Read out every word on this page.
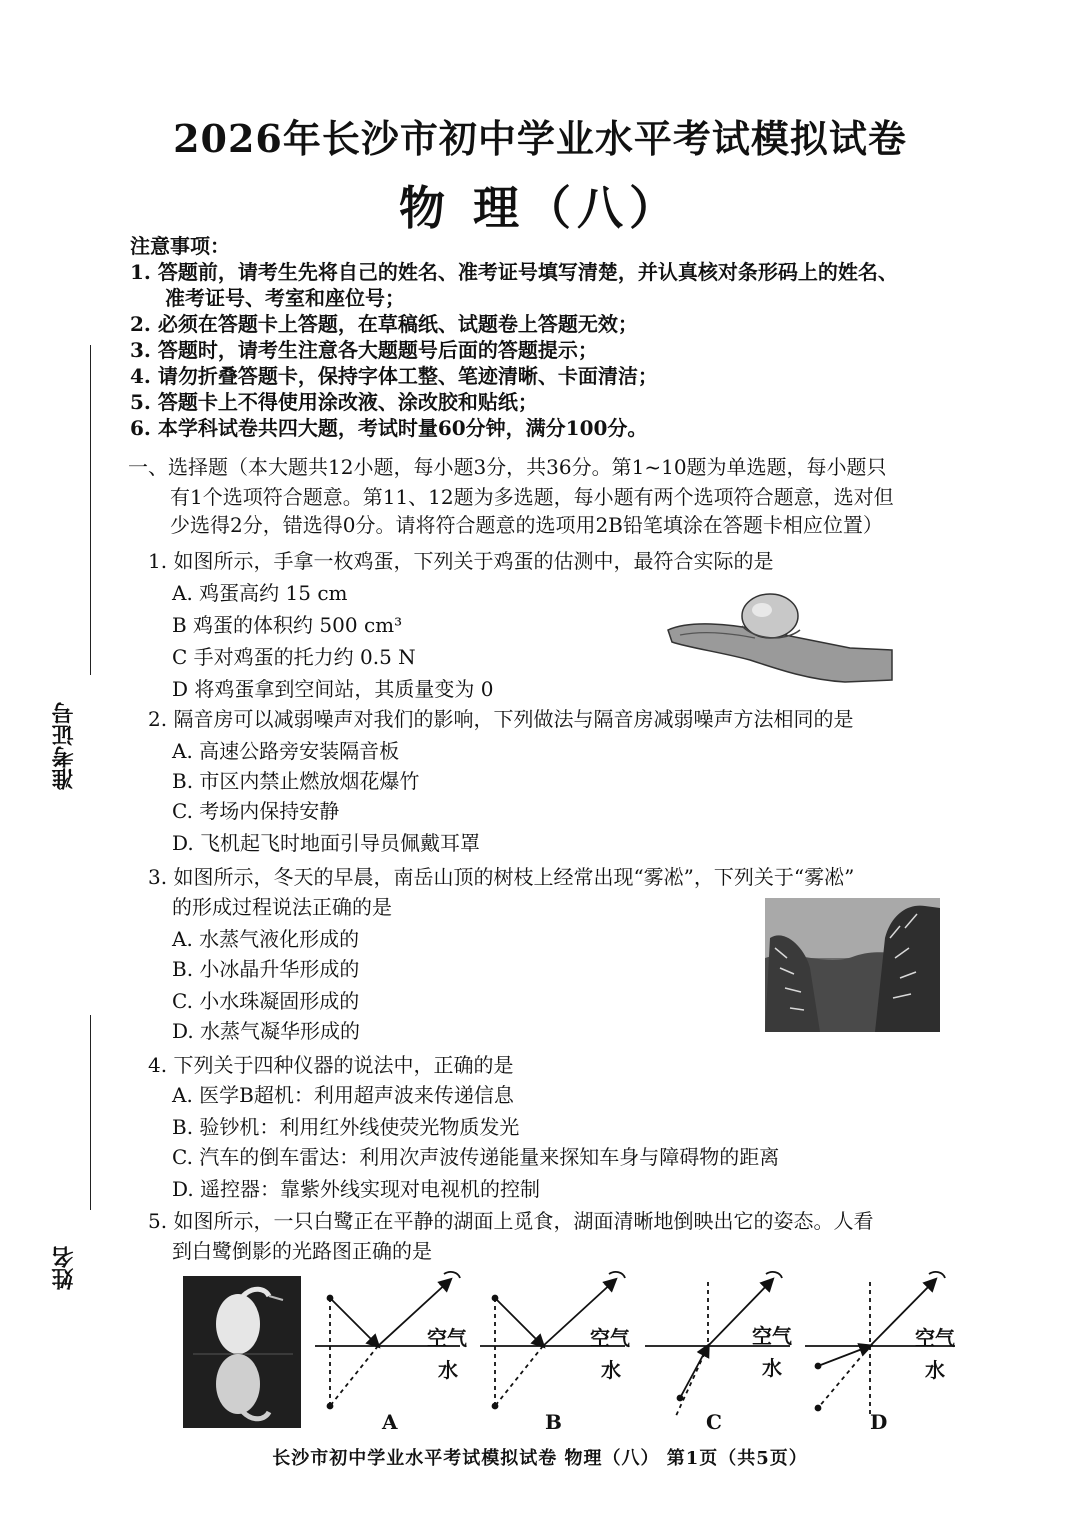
2026年长沙市初中学业水平考试模拟试卷
物 理（八）
注意事项：
1. 答题前，请考生先将自己的姓名、准考证号填写清楚，并认真核对条形码上的姓名、
准考证号、考室和座位号；
2. 必须在答题卡上答题，在草稿纸、试题卷上答题无效；
3. 答题时，请考生注意各大题题号后面的答题提示；
4. 请勿折叠答题卡，保持字体工整、笔迹清晰、卡面清洁；
5. 答题卡上不得使用涂改液、涂改胶和贴纸；
6. 本学科试卷共四大题，考试时量60分钟，满分100分。
准考证号
姓名
一、选择题（本大题共12小题，每小题3分，共36分。第1~10题为单选题，每小题只
有1个选项符合题意。第11、12题为多选题，每小题有两个选项符合题意，选对但
少选得2分，错选得0分。请将符合题意的选项用2B铅笔填涂在答题卡相应位置）
1. 如图所示，手拿一枚鸡蛋，下列关于鸡蛋的估测中，最符合实际的是
A. 鸡蛋高约 15 cm
B 鸡蛋的体积约 500 cm³
C 手对鸡蛋的托力约 0.5 N
D 将鸡蛋拿到空间站，其质量变为 0
2. 隔音房可以减弱噪声对我们的影响，下列做法与隔音房减弱噪声方法相同的是
A. 高速公路旁安装隔音板
B. 市区内禁止燃放烟花爆竹
C. 考场内保持安静
D. 飞机起飞时地面引导员佩戴耳罩
3. 如图所示，冬天的早晨，南岳山顶的树枝上经常出现“雾凇”，下列关于“雾凇”
的形成过程说法正确的是
A. 水蒸气液化形成的
B. 小冰晶升华形成的
C. 小水珠凝固形成的
D. 水蒸气凝华形成的
4. 下列关于四种仪器的说法中，正确的是
A. 医学B超机：利用超声波来传递信息
B. 验钞机：利用红外线使荧光物质发光
C. 汽车的倒车雷达：利用次声波传递能量来探知车身与障碍物的距离
D. 遥控器：靠紫外线实现对电视机的控制
5. 如图所示，一只白鹭正在平静的湖面上觅食，湖面清晰地倒映出它的姿态。人看
到白鹭倒影的光路图正确的是
空气
水
空气
水
空气
水
空气
水
A	B	C	D
长沙市初中学业水平考试模拟试卷 物理（八） 第1页（共5页）
